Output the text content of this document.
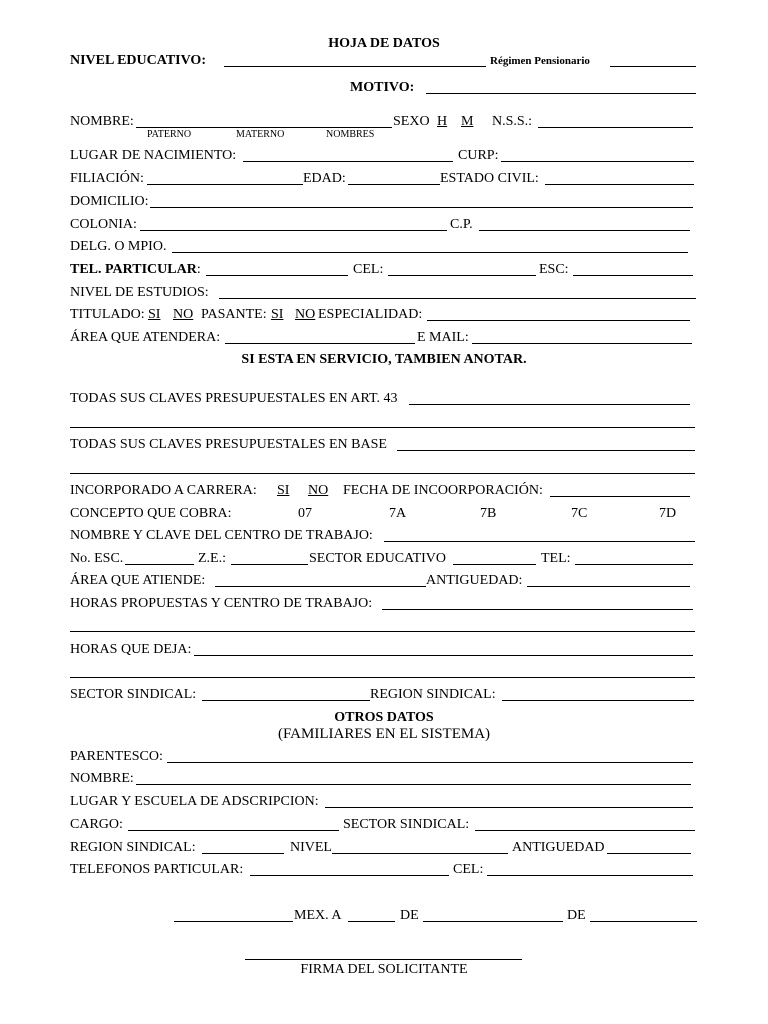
HOJA DE DATOS
NIVEL EDUCATIVO:	Régimen Pensionario
MOTIVO:
NOMBRE:	SEXO H M N.S.S.:
PATERNO	MATERNO	NOMBRES
LUGAR DE NACIMIENTO:	CURP:
FILIACIÓN:	EDAD:	ESTADO CIVIL:
DOMICILIO:
COLONIA:	C.P.
DELG. O MPIO.
TEL. PARTICULAR:	CEL:	ESC:
NIVEL DE ESTUDIOS:
TITULADO: SI NO PASANTE: SI NO ESPECIALIDAD:
ÁREA QUE ATENDERA:	E MAIL:
SI ESTA EN SERVICIO, TAMBIEN ANOTAR.
TODAS SUS CLAVES PRESUPUESTALES EN ART. 43
TODAS SUS CLAVES PRESUPUESTALES EN BASE
INCORPORADO A CARRERA: SI NO FECHA DE INCOORPORACIÓN:
CONCEPTO QUE COBRA:	07	7A	7B	7C	7D
NOMBRE Y CLAVE DEL CENTRO DE TRABAJO:
No. ESC.	Z.E.:	SECTOR EDUCATIVO	TEL:
ÁREA QUE ATIENDE:	ANTIGUEDAD:
HORAS PROPUESTAS Y CENTRO DE TRABAJO:
HORAS QUE DEJA:
SECTOR SINDICAL:	REGION SINDICAL:
OTROS DATOS
(FAMILIARES EN EL SISTEMA)
PARENTESCO:
NOMBRE:
LUGAR Y ESCUELA DE ADSCRIPCION:
CARGO:	SECTOR SINDICAL:
REGION SINDICAL:	NIVEL	ANTIGUEDAD
TELEFONOS PARTICULAR:	CEL:
MEX. A	DE	DE
FIRMA DEL SOLICITANTE
